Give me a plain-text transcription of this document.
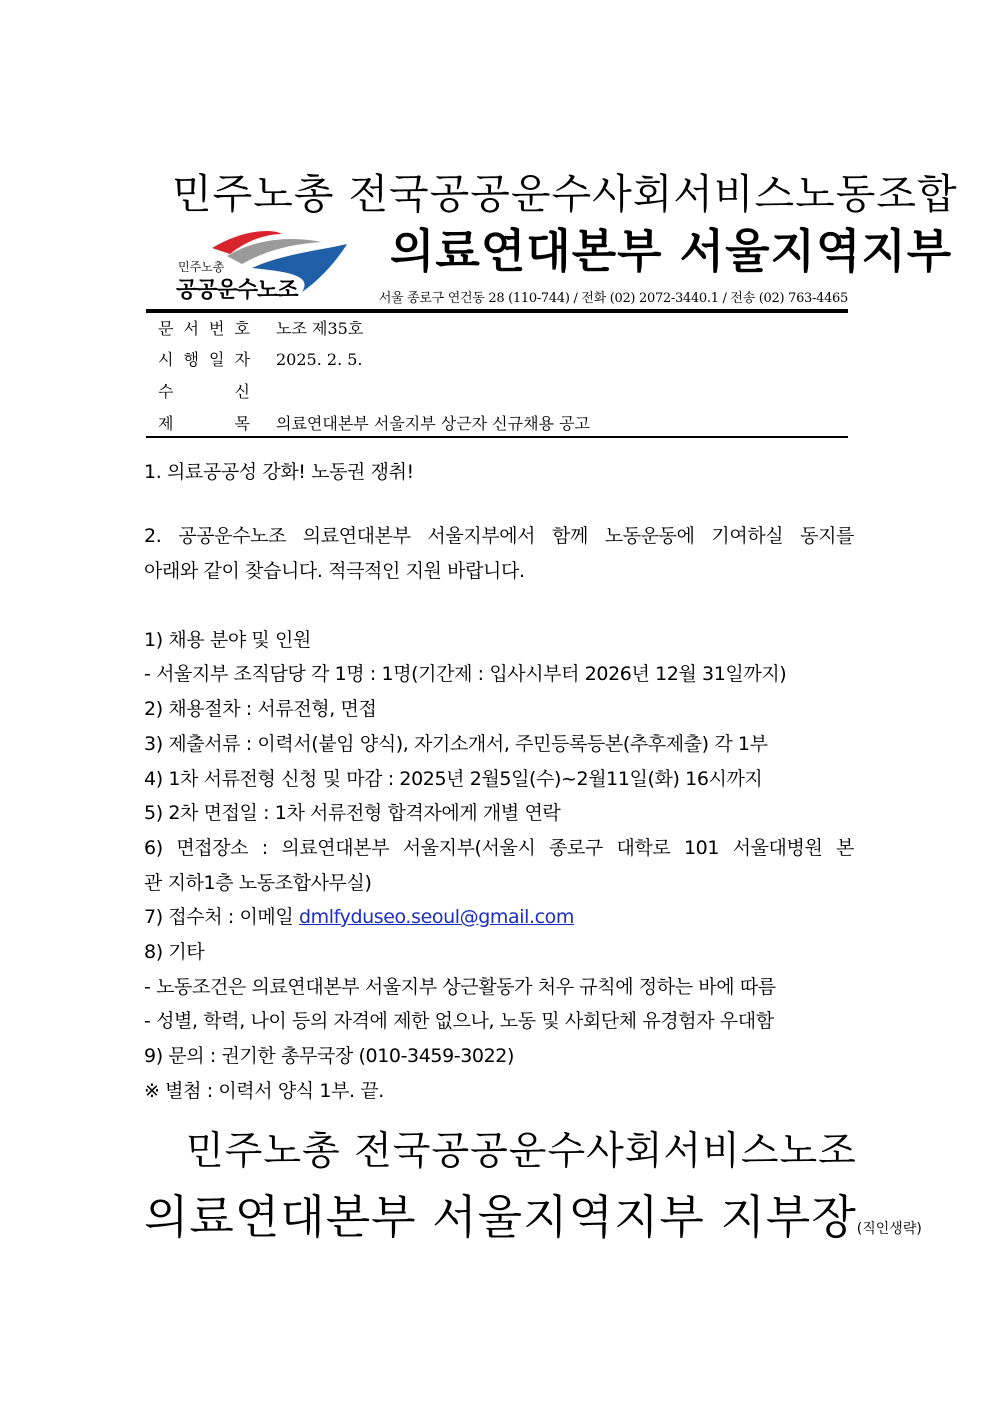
민주노총 전국공공운수사회서비스노동조합
민주노총
공공운수노조
의료연대본부 서울지역지부
서울 종로구 연건동 28 (110-744) / 전화 (02) 2072-3440.1 / 전송 (02) 763-4465
문 서 번 호 노조 제35호
시 행 일 자 2025. 2. 5.
수	신
제	목 의료연대본부 서울지부 상근자 신규채용 공고
1. 의료공공성 강화! 노동권 쟁취!
2. 공공운수노조 의료연대본부 서울지부에서 함께 노동운동에 기여하실 동지를
아래와 같이 찾습니다. 적극적인 지원 바랍니다.
1) 채용 분야 및 인원
- 서울지부 조직담당 각 1명 : 1명(기간제 : 입사시부터 2026년 12월 31일까지)
2) 채용절차 : 서류전형, 면접
3) 제출서류 : 이력서(붙임 양식), 자기소개서, 주민등록등본(추후제출) 각 1부
4) 1차 서류전형 신청 및 마감 : 2025년 2월5일(수)~2월11일(화) 16시까지
5) 2차 면접일 : 1차 서류전형 합격자에게 개별 연락
6) 면접장소 : 의료연대본부 서울지부(서울시 종로구 대학로 101 서울대병원 본
관 지하1층 노동조합사무실)
7) 접수처 : 이메일 dmlfyduseo.seoul@gmail.com
8) 기타
- 노동조건은 의료연대본부 서울지부 상근활동가 처우 규칙에 정하는 바에 따름
- 성별, 학력, 나이 등의 자격에 제한 없으나, 노동 및 사회단체 유경험자 우대함
9) 문의 : 권기한 총무국장 (010-3459-3022)
※ 별첨 : 이력서 양식 1부. 끝.
민주노총 전국공공운수사회서비스노조
의료연대본부 서울지역지부 지부장(직인생략)
